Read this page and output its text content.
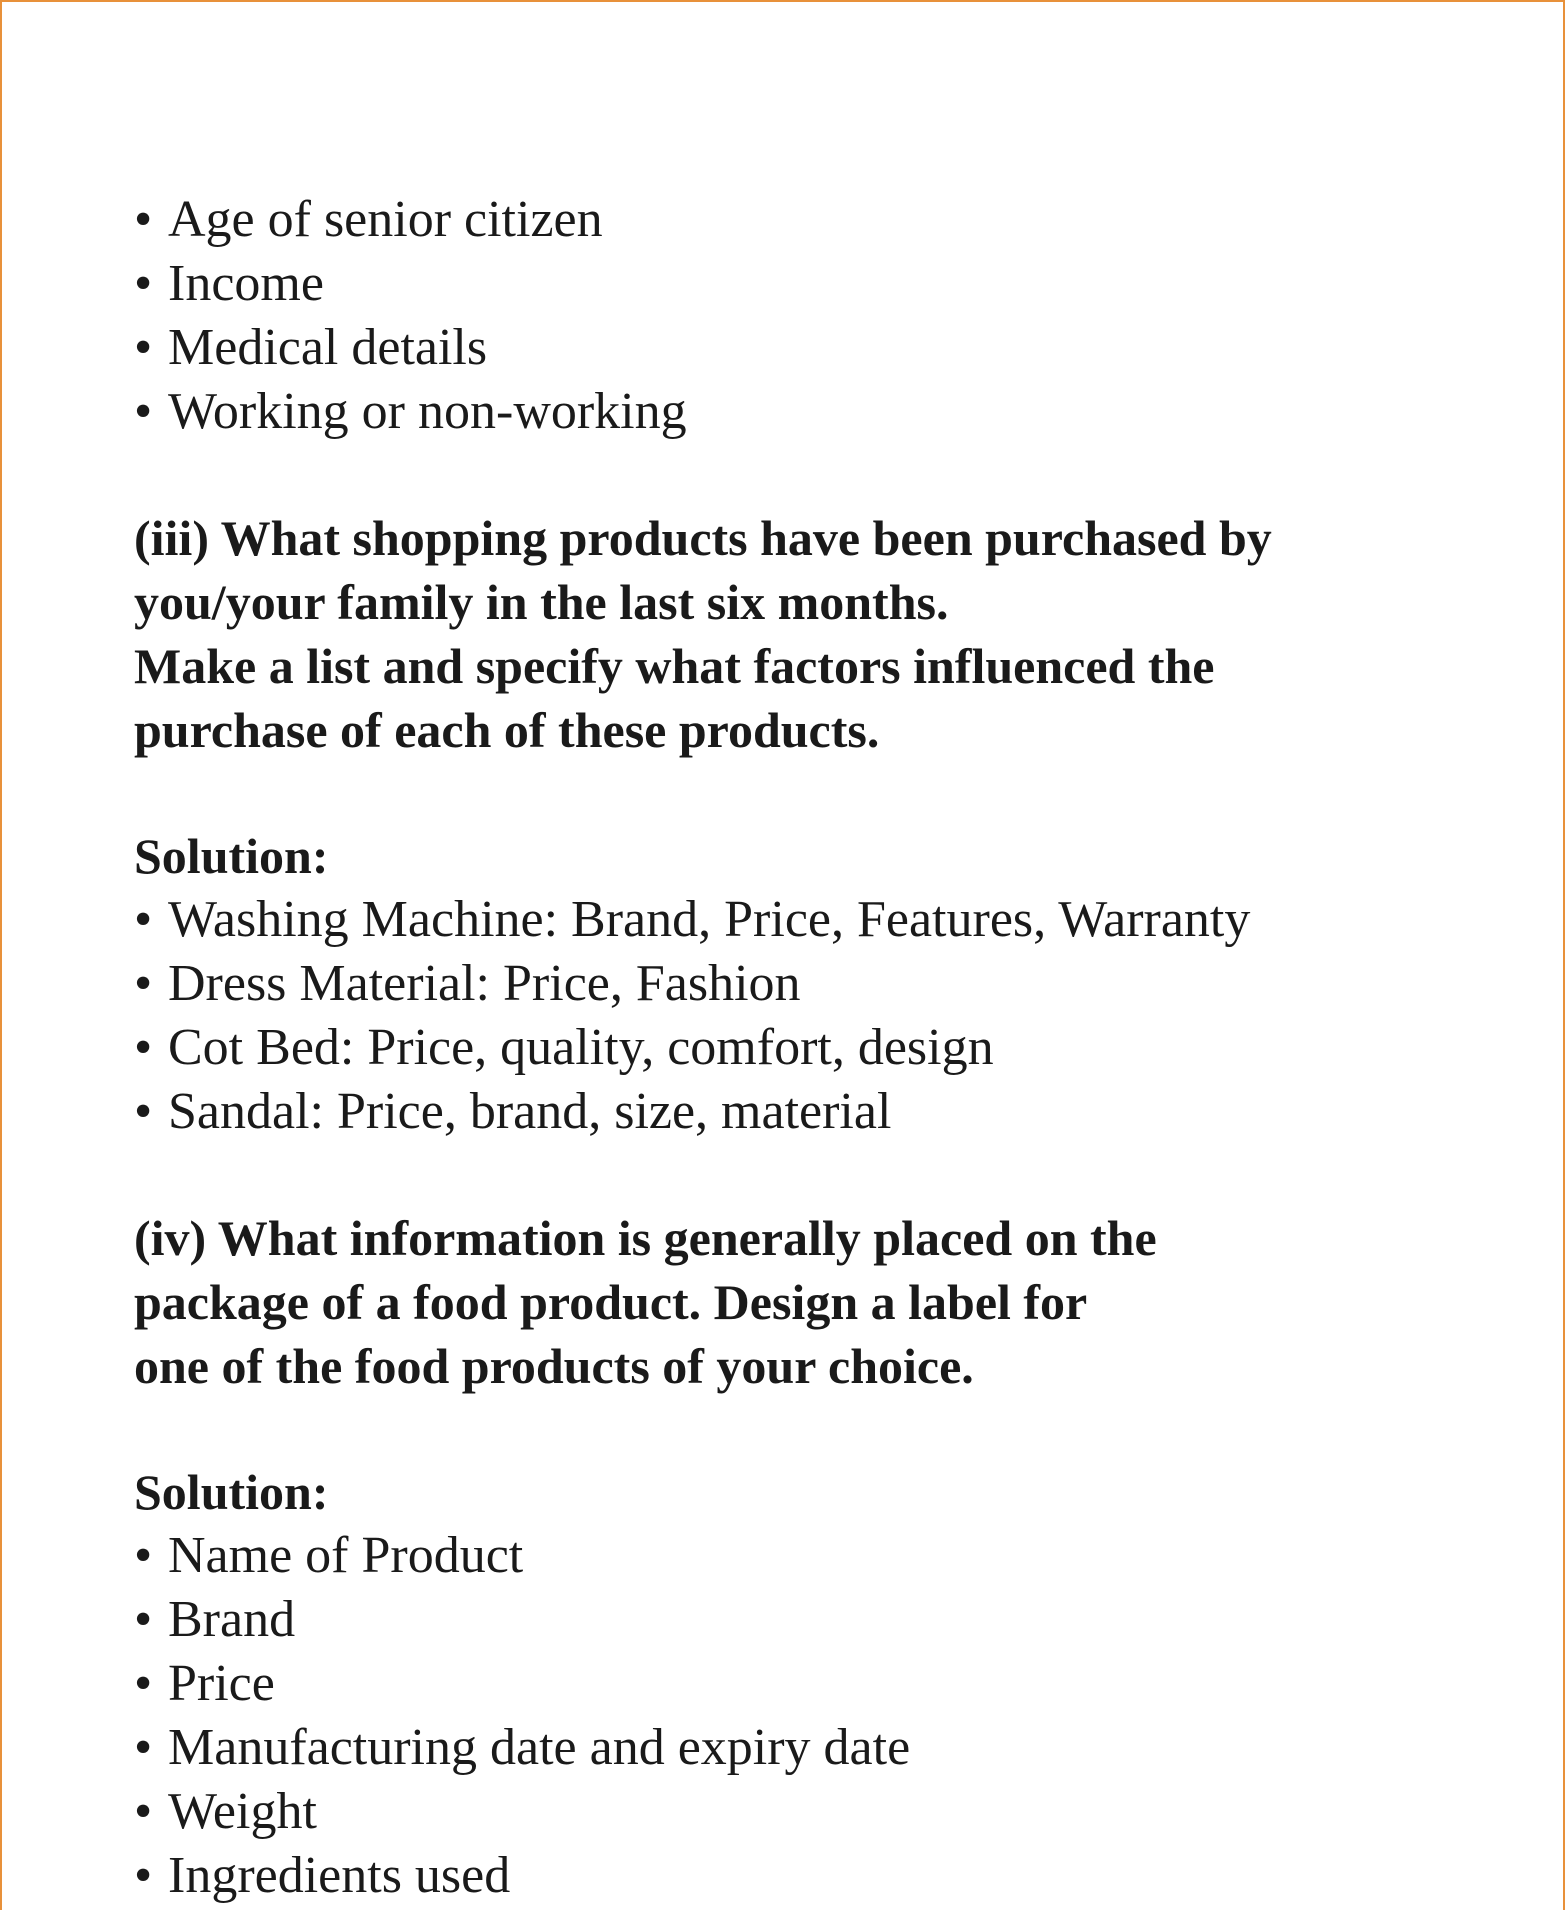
• Age of senior citizen
• Income
• Medical details
• Working or non-working

(iii) What shopping products have been purchased by
you/your family in the last six months.
Make a list and specify what factors influenced the
purchase of each of these products.

Solution:

• Washing Machine: Brand, Price, Features, Warranty
• Dress Material: Price, Fashion
• Cot Bed: Price, quality, comfort, design
• Sandal: Price, brand, size, material

(iv) What information is generally placed on the
package of a food product. Design a label for
one of the food products of your choice.

Solution:

• Name of Product
• Brand
• Price
• Manufacturing date and expiry date
• Weight
• Ingredients used
